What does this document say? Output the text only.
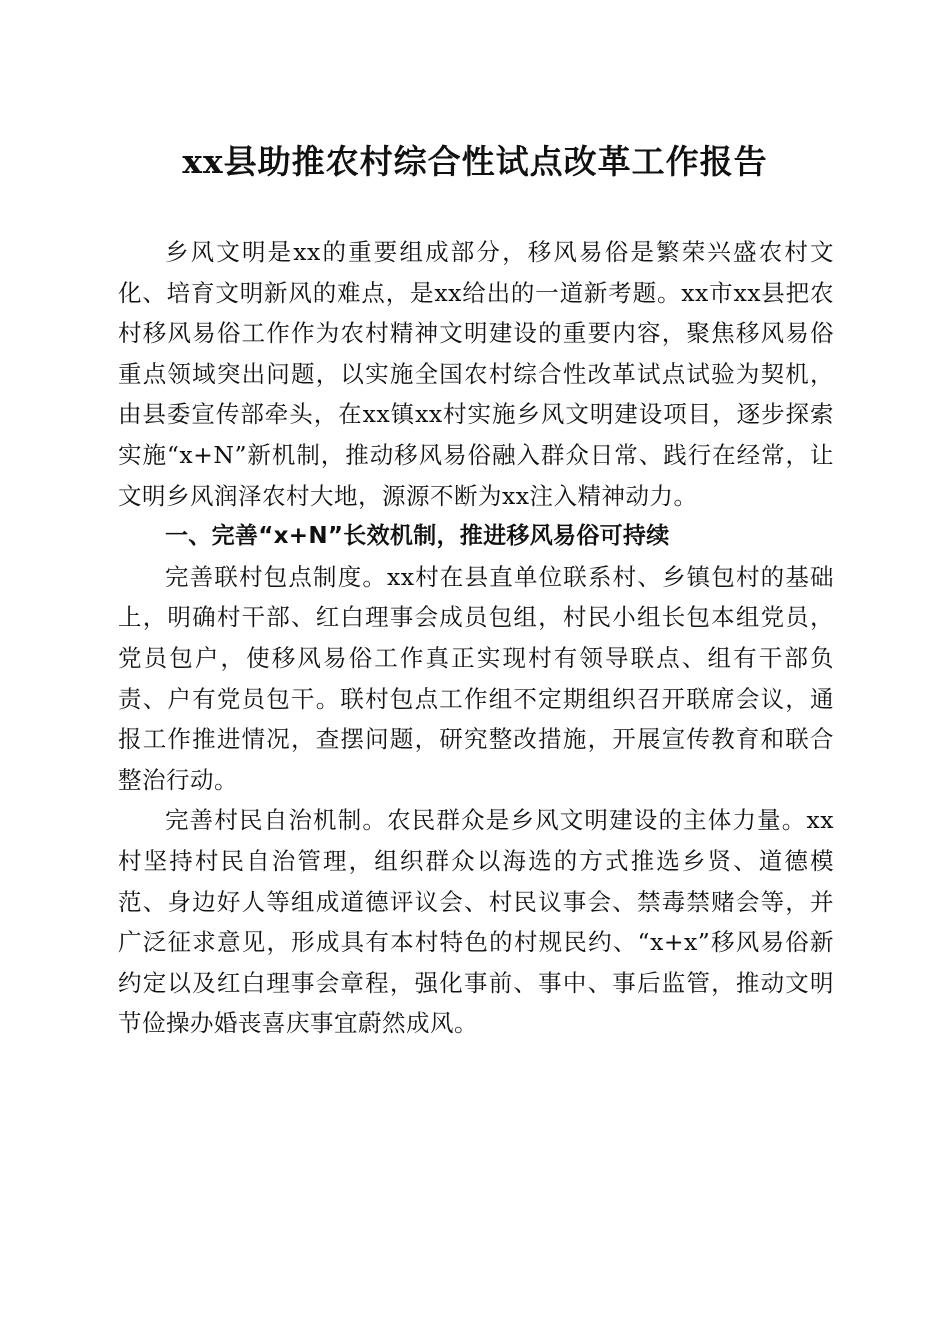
xx县助推农村综合性试点改革工作报告

乡风文明是xx的重要组成部分，移风易俗是繁荣兴盛农村文化、培育文明新风的难点，是xx给出的一道新考题。xx市xx县把农村移风易俗工作作为农村精神文明建设的重要内容，聚焦移风易俗重点领域突出问题，以实施全国农村综合性改革试点试验为契机，由县委宣传部牵头，在xx镇xx村实施乡风文明建设项目，逐步探索实施“x+N”新机制，推动移风易俗融入群众日常、践行在经常，让文明乡风润泽农村大地，源源不断为xx注入精神动力。

一、完善“x+N”长效机制，推进移风易俗可持续

完善联村包点制度。xx村在县直单位联系村、乡镇包村的基础上，明确村干部、红白理事会成员包组，村民小组长包本组党员，党员包户，使移风易俗工作真正实现村有领导联点、组有干部负责、户有党员包干。联村包点工作组不定期组织召开联席会议，通报工作推进情况，查摆问题，研究整改措施，开展宣传教育和联合整治行动。

完善村民自治机制。农民群众是乡风文明建设的主体力量。xx村坚持村民自治管理，组织群众以海选的方式推选乡贤、道德模范、身边好人等组成道德评议会、村民议事会、禁毒禁赌会等，并广泛征求意见，形成具有本村特色的村规民约、“x+x”移风易俗新约定以及红白理事会章程，强化事前、事中、事后监管，推动文明节俭操办婚丧喜庆事宜蔚然成风。
